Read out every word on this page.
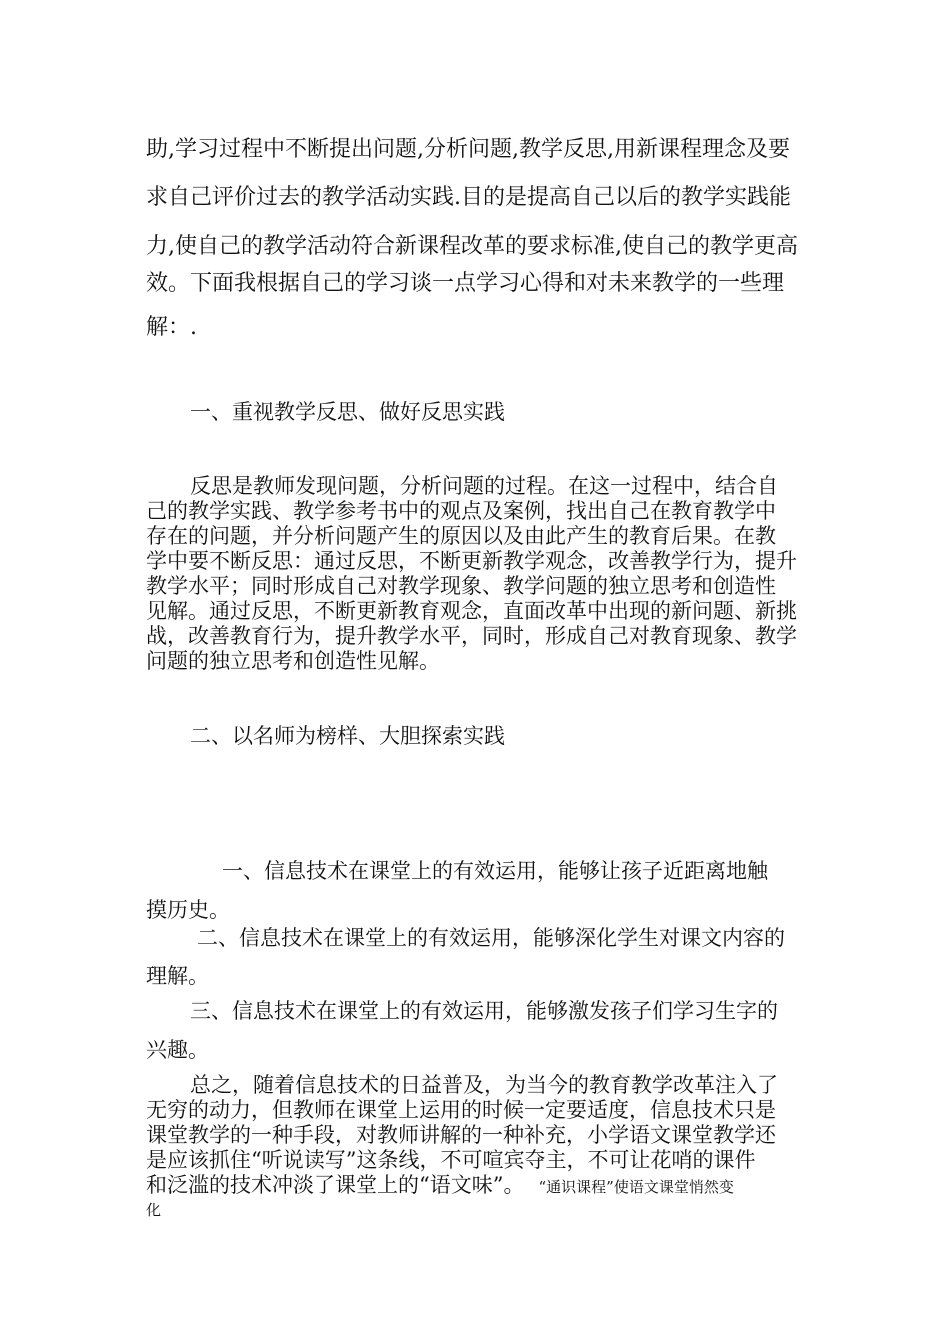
助,学习过程中不断提出问题,分析问题,教学反思,用新课程理念及要
求自己评价过去的教学活动实践.目的是提高自己以后的教学实践能
力,使自己的教学活动符合新课程改革的要求标准,使自己的教学更高
效。下面我根据自己的学习谈一点学习心得和对未来教学的一些理
解：.
一、重视教学反思、做好反思实践
反思是教师发现问题，分析问题的过程。在这一过程中，结合自
己的教学实践、教学参考书中的观点及案例，找出自己在教育教学中
存在的问题，并分析问题产生的原因以及由此产生的教育后果。在教
学中要不断反思：通过反思，不断更新教学观念，改善教学行为，提升
教学水平；同时形成自己对教学现象、教学问题的独立思考和创造性
见解。通过反思，不断更新教育观念，直面改革中出现的新问题、新挑
战，改善教育行为，提升教学水平，同时，形成自己对教育现象、教学
问题的独立思考和创造性见解。
二、以名师为榜样、大胆探索实践
一、信息技术在课堂上的有效运用，能够让孩子近距离地触
摸历史。
二、信息技术在课堂上的有效运用，能够深化学生对课文内容的
理解。
三、信息技术在课堂上的有效运用，能够激发孩子们学习生字的
兴趣。
总之，随着信息技术的日益普及，为当今的教育教学改革注入了
无穷的动力，但教师在课堂上运用的时候一定要适度，信息技术只是
课堂教学的一种手段，对教师讲解的一种补充，小学语文课堂教学还
是应该抓住“听说读写”这条线，不可喧宾夺主，不可让花哨的课件
和泛滥的技术冲淡了课堂上的“语文味”。 “通识课程”使语文课堂悄然变
化
